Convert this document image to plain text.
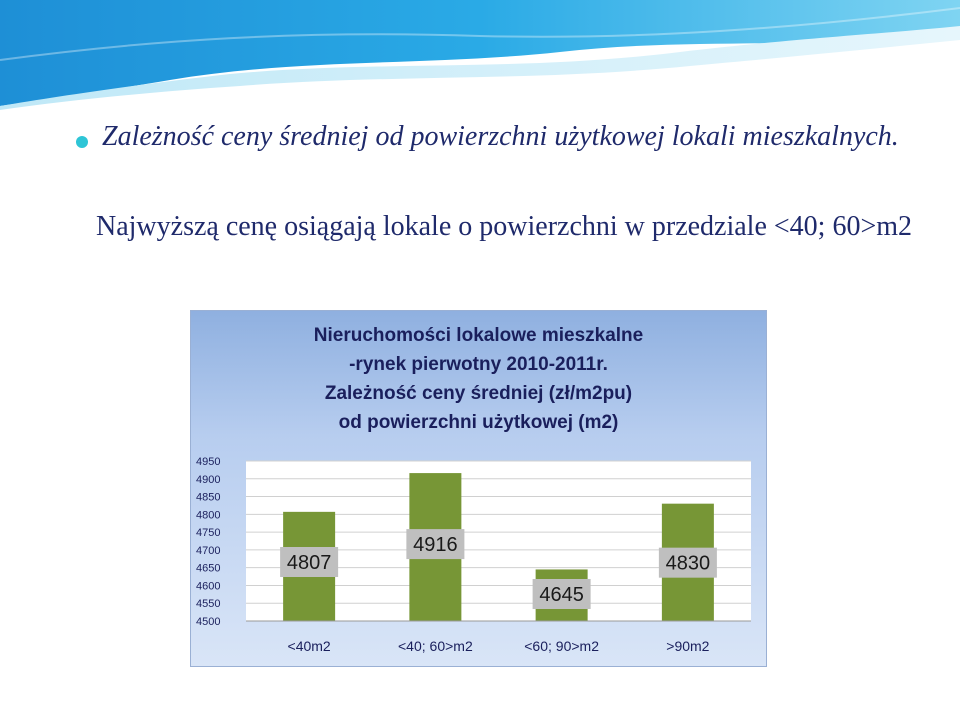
Zależność ceny średniej od powierzchni użytkowej lokali mieszkalnych.
Najwyższą cenę osiągają lokale o powierzchni w przedziale <40; 60>m2
Nieruchomości lokalowe mieszkalne
-rynek pierwotny 2010-2011r.
Zależność ceny średniej (zł/m2pu)
od powierzchni użytkowej (m2)
4500
4550
4600
4650
4700
4750
4800
4850
4900
4950
4807
<40m2
4916
<40; 60>m2
4645
<60; 90>m2
4830
>90m2
